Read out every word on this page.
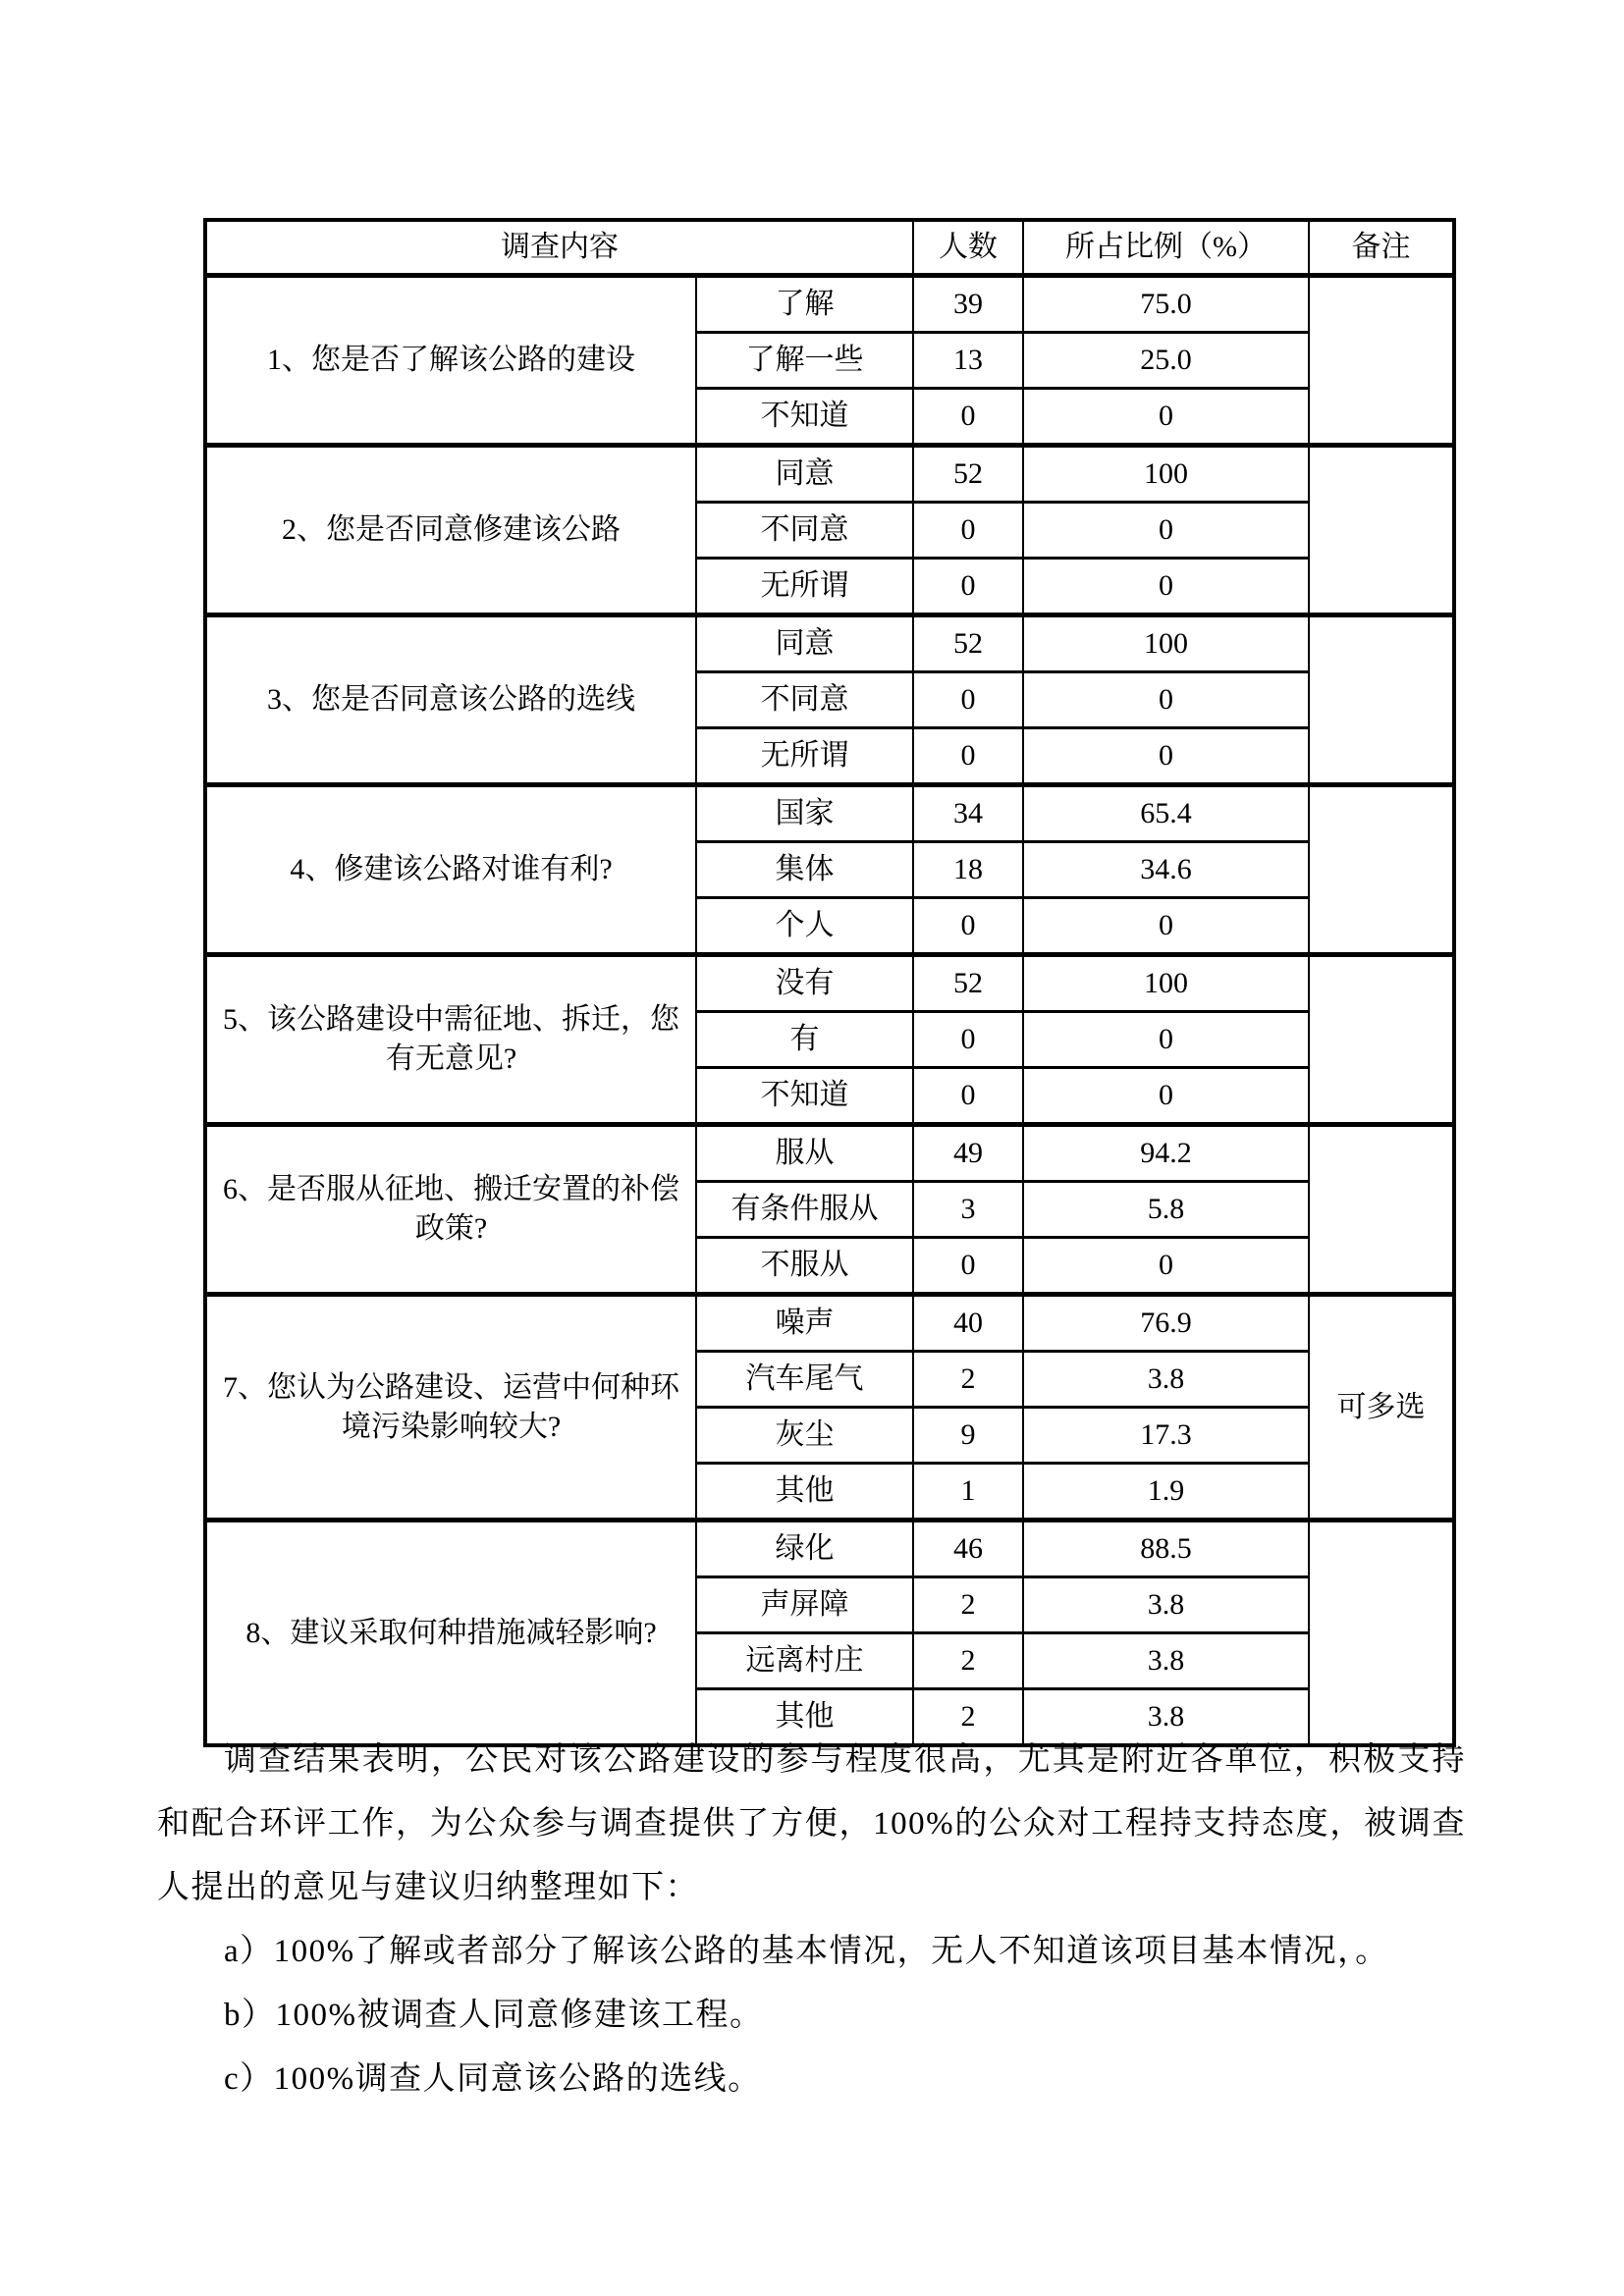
调查内容		人数	所占比例（%）	备注
1、您是否了解该公路的建设	了解	39	75.0	
	了解一些	13	25.0	
	不知道	0	0	
2、您是否同意修建该公路	同意	52	100	
	不同意	0	0	
	无所谓	0	0	
3、您是否同意该公路的选线	同意	52	100	
	不同意	0	0	
	无所谓	0	0	
4、修建该公路对谁有利?	国家	34	65.4	
	集体	18	34.6	
	个人	0	0	
5、该公路建设中需征地、拆迁，您有无意见?	没有	52	100	
	有	0	0	
	不知道	0	0	
6、是否服从征地、搬迁安置的补偿政策?	服从	49	94.2	
	有条件服从	3	5.8	
	不服从	0	0	
7、您认为公路建设、运营中何种环境污染影响较大?	噪声	40	76.9	可多选
	汽车尾气	2	3.8	
	灰尘	9	17.3	
	其他	1	1.9	
8、建议采取何种措施减轻影响?	绿化	46	88.5	
	声屏障	2	3.8	
	远离村庄	2	3.8	
	其他	2	3.8	

调查结果表明，公民对该公路建设的参与程度很高，尤其是附近各单位，积极支持和配合环评工作，为公众参与调查提供了方便，100%的公众对工程持支持态度，被调查人提出的意见与建议归纳整理如下：

a）100%了解或者部分了解该公路的基本情况，无人不知道该项目基本情况，。

b）100%被调查人同意修建该工程。

c）100%调查人同意该公路的选线。
